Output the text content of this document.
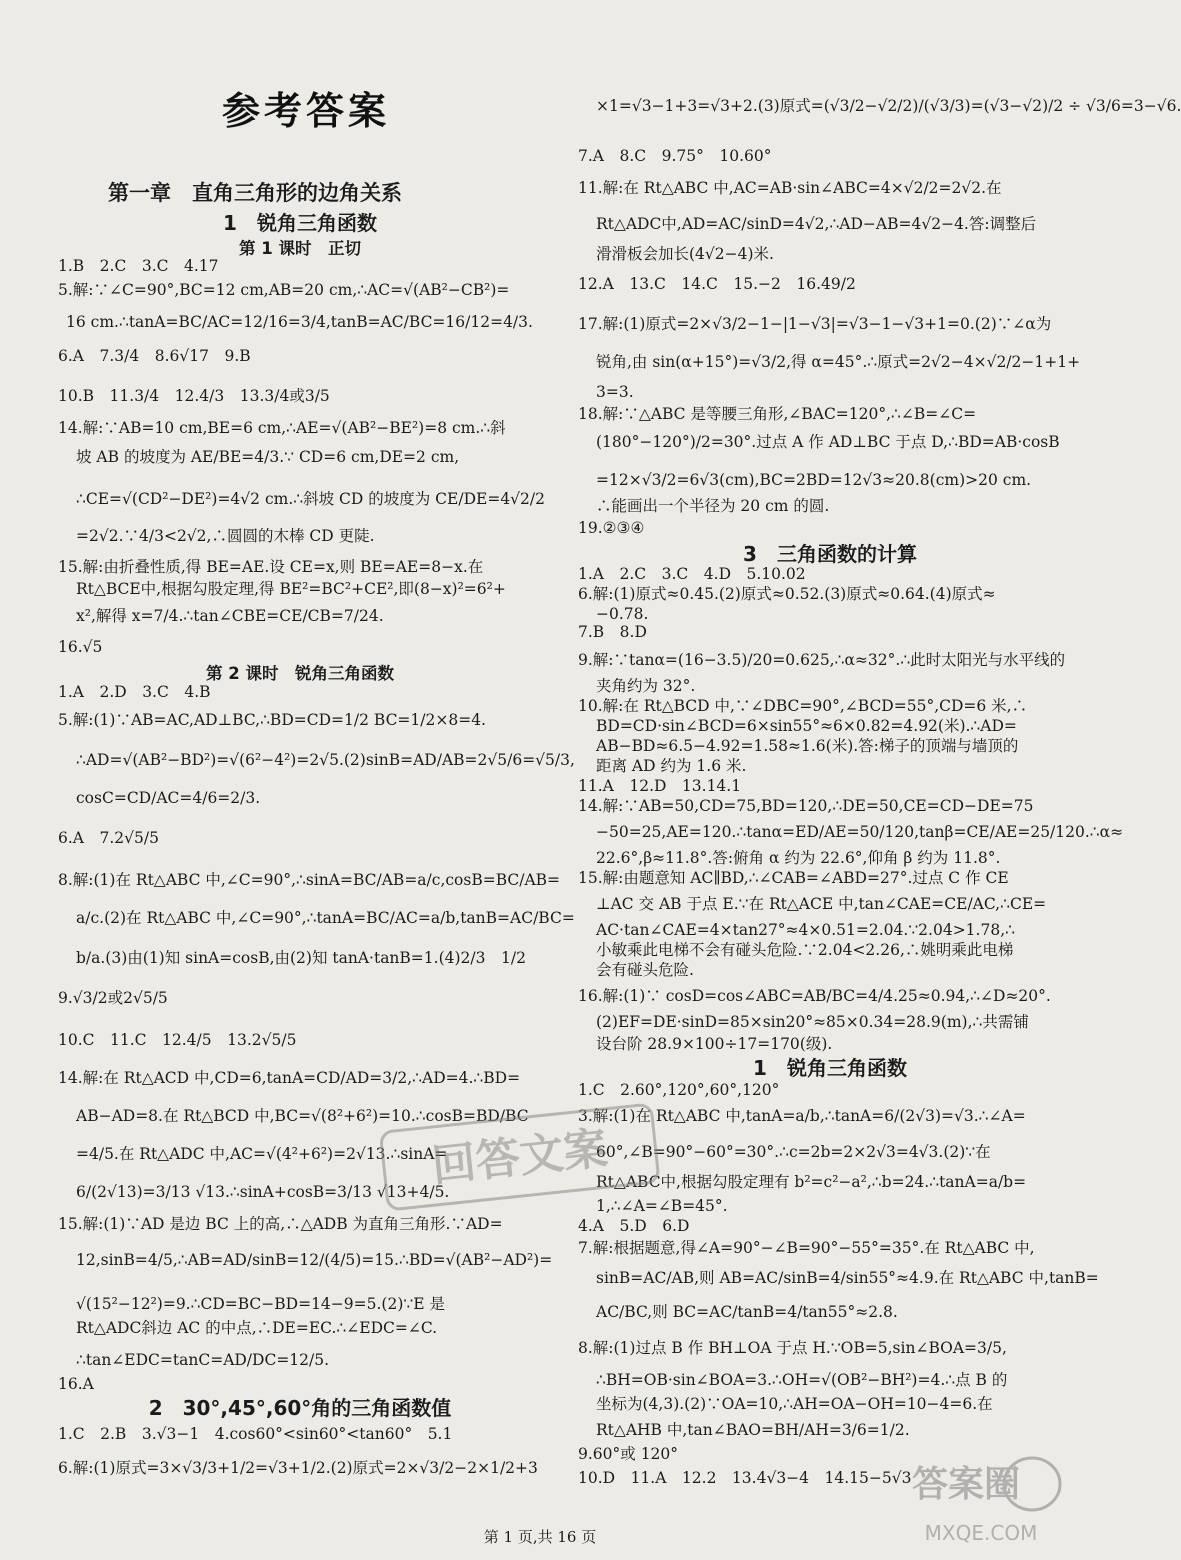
参考答案
第一章　直角三角形的边角关系
1　锐角三角函数
第 1 课时　正切
第 2 课时　锐角三角函数
2　30°,45°,60°角的三角函数值
3　三角函数的计算
1　锐角三角函数
1.B　2.C　3.C　4.17
5.解:∵∠C=90°,BC=12 cm,AB=20 cm,∴AC=√(AB²−CB²)=
16 cm.∴tanA=BC/AC=12/16=3/4,tanB=AC/BC=16/12=4/3.
6.A　7.3/4　8.6√17　9.B
10.B　11.3/4　12.4/3　13.3/4或3/5
14.解:∵AB=10 cm,BE=6 cm,∴AE=√(AB²−BE²)=8 cm.∴斜
坡 AB 的坡度为 AE/BE=4/3.∵ CD=6 cm,DE=2 cm,
∴CE=√(CD²−DE²)=4√2 cm.∴斜坡 CD 的坡度为 CE/DE=4√2/2
=2√2.∵4/3<2√2,∴圆圆的木棒 CD 更陡.
15.解:由折叠性质,得 BE=AE.设 CE=x,则 BE=AE=8−x.在
Rt△BCE中,根据勾股定理,得 BE²=BC²+CE²,即(8−x)²=6²+
x²,解得 x=7/4.∴tan∠CBE=CE/CB=7/24.
16.√5
1.A　2.D　3.C　4.B
5.解:(1)∵AB=AC,AD⊥BC,∴BD=CD=1/2 BC=1/2×8=4.
∴AD=√(AB²−BD²)=√(6²−4²)=2√5.(2)sinB=AD/AB=2√5/6=√5/3,
cosC=CD/AC=4/6=2/3.
6.A　7.2√5/5
8.解:(1)在 Rt△ABC 中,∠C=90°,∴sinA=BC/AB=a/c,cosB=BC/AB=
a/c.(2)在 Rt△ABC 中,∠C=90°,∴tanA=BC/AC=a/b,tanB=AC/BC=
b/a.(3)由(1)知 sinA=cosB,由(2)知 tanA·tanB=1.(4)2/3　1/2
9.√3/2或2√5/5
10.C　11.C　12.4/5　13.2√5/5
14.解:在 Rt△ACD 中,CD=6,tanA=CD/AD=3/2,∴AD=4.∴BD=
AB−AD=8.在 Rt△BCD 中,BC=√(8²+6²)=10.∴cosB=BD/BC
=4/5.在 Rt△ADC 中,AC=√(4²+6²)=2√13.∴sinA=
6/(2√13)=3/13 √13.∴sinA+cosB=3/13 √13+4/5.
15.解:(1)∵AD 是边 BC 上的高,∴△ADB 为直角三角形.∵AD=
12,sinB=4/5,∴AB=AD/sinB=12/(4/5)=15.∴BD=√(AB²−AD²)=
√(15²−12²)=9.∴CD=BC−BD=14−9=5.(2)∵E 是
Rt△ADC斜边 AC 的中点,∴DE=EC.∴∠EDC=∠C.
∴tan∠EDC=tanC=AD/DC=12/5.
16.A
1.C　2.B　3.√3−1　4.cos60°<sin60°<tan60°　5.1
6.解:(1)原式=3×√3/3+1/2=√3+1/2.(2)原式=2×√3/2−2×1/2+3
×1=√3−1+3=√3+2.(3)原式=(√3/2−√2/2)/(√3/3)=(√3−√2)/2 ÷ √3/6=3−√6.
7.A　8.C　9.75°　10.60°
11.解:在 Rt△ABC 中,AC=AB·sin∠ABC=4×√2/2=2√2.在
Rt△ADC中,AD=AC/sinD=4√2,∴AD−AB=4√2−4.答:调整后
滑滑板会加长(4√2−4)米.
12.A　13.C　14.C　15.−2　16.49/2
17.解:(1)原式=2×√3/2−1−|1−√3|=√3−1−√3+1=0.(2)∵∠α为
锐角,由 sin(α+15°)=√3/2,得 α=45°.∴原式=2√2−4×√2/2−1+1+
3=3.
18.解:∵△ABC 是等腰三角形,∠BAC=120°,∴∠B=∠C=
(180°−120°)/2=30°.过点 A 作 AD⊥BC 于点 D,∴BD=AB·cosB
=12×√3/2=6√3(cm),BC=2BD=12√3≈20.8(cm)>20 cm.
∴能画出一个半径为 20 cm 的圆.
19.②③④
1.A　2.C　3.C　4.D　5.10.02
6.解:(1)原式≈0.45.(2)原式≈0.52.(3)原式≈0.64.(4)原式≈
−0.78.
7.B　8.D
9.解:∵tanα=(16−3.5)/20=0.625,∴α≈32°.∴此时太阳光与水平线的
夹角约为 32°.
10.解:在 Rt△BCD 中,∵∠DBC=90°,∠BCD=55°,CD=6 米,∴
BD=CD·sin∠BCD=6×sin55°≈6×0.82=4.92(米).∴AD=
AB−BD≈6.5−4.92=1.58≈1.6(米).答:梯子的顶端与墙顶的
距离 AD 约为 1.6 米.
11.A　12.D　13.14.1
14.解:∵AB=50,CD=75,BD=120,∴DE=50,CE=CD−DE=75
−50=25,AE=120.∴tanα=ED/AE=50/120,tanβ=CE/AE=25/120.∴α≈
22.6°,β≈11.8°.答:俯角 α 约为 22.6°,仰角 β 约为 11.8°.
15.解:由题意知 AC∥BD,∴∠CAB=∠ABD=27°.过点 C 作 CE
⊥AC 交 AB 于点 E.∵在 Rt△ACE 中,tan∠CAE=CE/AC,∴CE=
AC·tan∠CAE=4×tan27°≈4×0.51=2.04.∵2.04>1.78,∴
小敏乘此电梯不会有碰头危险.∵2.04<2.26,∴姚明乘此电梯
会有碰头危险.
16.解:(1)∵ cosD=cos∠ABC=AB/BC=4/4.25≈0.94,∴∠D≈20°.
(2)EF=DE·sinD=85×sin20°≈85×0.34=28.9(m),∴共需铺
设台阶 28.9×100÷17=170(级).
1.C　2.60°,120°,60°,120°
3.解:(1)在 Rt△ABC 中,tanA=a/b,∴tanA=6/(2√3)=√3.∴∠A=
60°,∠B=90°−60°=30°.∴c=2b=2×2√3=4√3.(2)∵在
Rt△ABC中,根据勾股定理有 b²=c²−a²,∴b=24.∴tanA=a/b=
1,∴∠A=∠B=45°.
4.A　5.D　6.D
7.解:根据题意,得∠A=90°−∠B=90°−55°=35°.在 Rt△ABC 中,
sinB=AC/AB,则 AB=AC/sinB=4/sin55°≈4.9.在 Rt△ABC 中,tanB=
AC/BC,则 BC=AC/tanB=4/tan55°≈2.8.
8.解:(1)过点 B 作 BH⊥OA 于点 H.∵OB=5,sin∠BOA=3/5,
∴BH=OB·sin∠BOA=3.∴OH=√(OB²−BH²)=4.∴点 B 的
坐标为(4,3).(2)∵OA=10,∴AH=OA−OH=10−4=6.在
Rt△AHB 中,tan∠BAO=BH/AH=3/6=1/2.
9.60°或 120°
10.D　11.A　12.2　13.4√3−4　14.15−5√3
回答文案
答案圈
MXQE.COM
第 1 页,共 16 页
